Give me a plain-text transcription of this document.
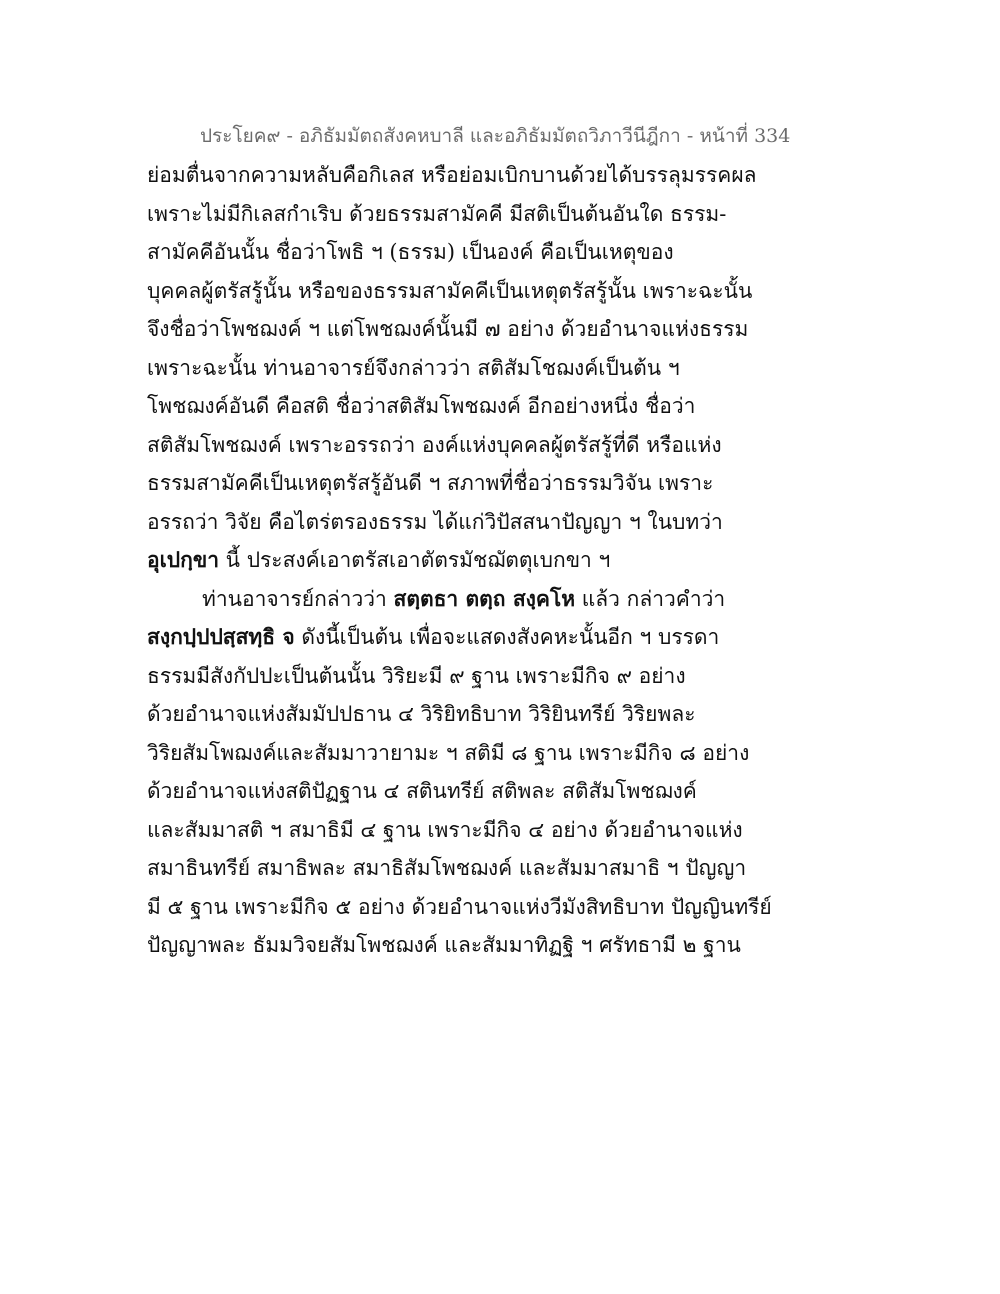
ประโยค๙ - อภิธัมมัตถสังคหบาลี และอภิธัมมัตถวิภาวีนีฎีกา - หน้าที่ 334
ย่อมตื่นจากความหลับคือกิเลส หรือย่อมเบิกบานด้วยได้บรรลุมรรคผล
เพราะไม่มีกิเลสกำเริบ ด้วยธรรมสามัคคี มีสติเป็นต้นอันใด ธรรม-
สามัคคีอันนั้น ชื่อว่าโพธิ ฯ (ธรรม) เป็นองค์ คือเป็นเหตุของ
บุคคลผู้ตรัสรู้นั้น หรือของธรรมสามัคคีเป็นเหตุตรัสรู้นั้น เพราะฉะนั้น
จึงชื่อว่าโพชฌงค์ ฯ แต่โพชฌงค์นั้นมี ๗ อย่าง ด้วยอำนาจแห่งธรรม
เพราะฉะนั้น ท่านอาจารย์จึงกล่าวว่า สติสัมโชฌงค์เป็นต้น ฯ
โพชฌงค์อันดี คือสติ ชื่อว่าสติสัมโพชฌงค์ อีกอย่างหนึ่ง ชื่อว่า
สติสัมโพชฌงค์ เพราะอรรถว่า องค์แห่งบุคคลผู้ตรัสรู้ที่ดี หรือแห่ง
ธรรมสามัคคีเป็นเหตุตรัสรู้อันดี ฯ สภาพที่ชื่อว่าธรรมวิจัน เพราะ
อรรถว่า วิจัย คือไตร่ตรองธรรม ได้แก่วิปัสสนาปัญญา ฯ ในบทว่า
อุเปกฺขา นี้ ประสงค์เอาตรัสเอาตัตรมัชฌัตตุเบกขา ฯ
ท่านอาจารย์กล่าวว่า สตฺตธา ตตฺถ สงฺคโห แล้ว กล่าวคำว่า
สงฺกปฺปปสฺสทฺธิ จ ดังนี้เป็นต้น เพื่อจะแสดงสังคหะนั้นอีก ฯ บรรดา
ธรรมมีสังกัปปะเป็นต้นนั้น วิริยะมี ๙ ฐาน เพราะมีกิจ ๙ อย่าง
ด้วยอำนาจแห่งสัมมัปปธาน ๔ วิริยิทธิบาท วิริยินทรีย์ วิริยพละ
วิริยสัมโพฌงค์และสัมมาวายามะ ฯ สติมี ๘ ฐาน เพราะมีกิจ ๘ อย่าง
ด้วยอำนาจแห่งสติปัฏฐาน ๔ สตินทรีย์ สติพละ สติสัมโพชฌงค์
และสัมมาสติ ฯ สมาธิมี ๔ ฐาน เพราะมีกิจ ๔ อย่าง ด้วยอำนาจแห่ง
สมาธินทรีย์ สมาธิพละ สมาธิสัมโพชฌงค์ และสัมมาสมาธิ ฯ ปัญญา
มี ๕ ฐาน เพราะมีกิจ ๕ อย่าง ด้วยอำนาจแห่งวีมังสิทธิบาท ปัญญินทรีย์
ปัญญาพละ ธัมมวิจยสัมโพชฌงค์ และสัมมาทิฏฐิ ฯ ศรัทธามี ๒ ฐาน
